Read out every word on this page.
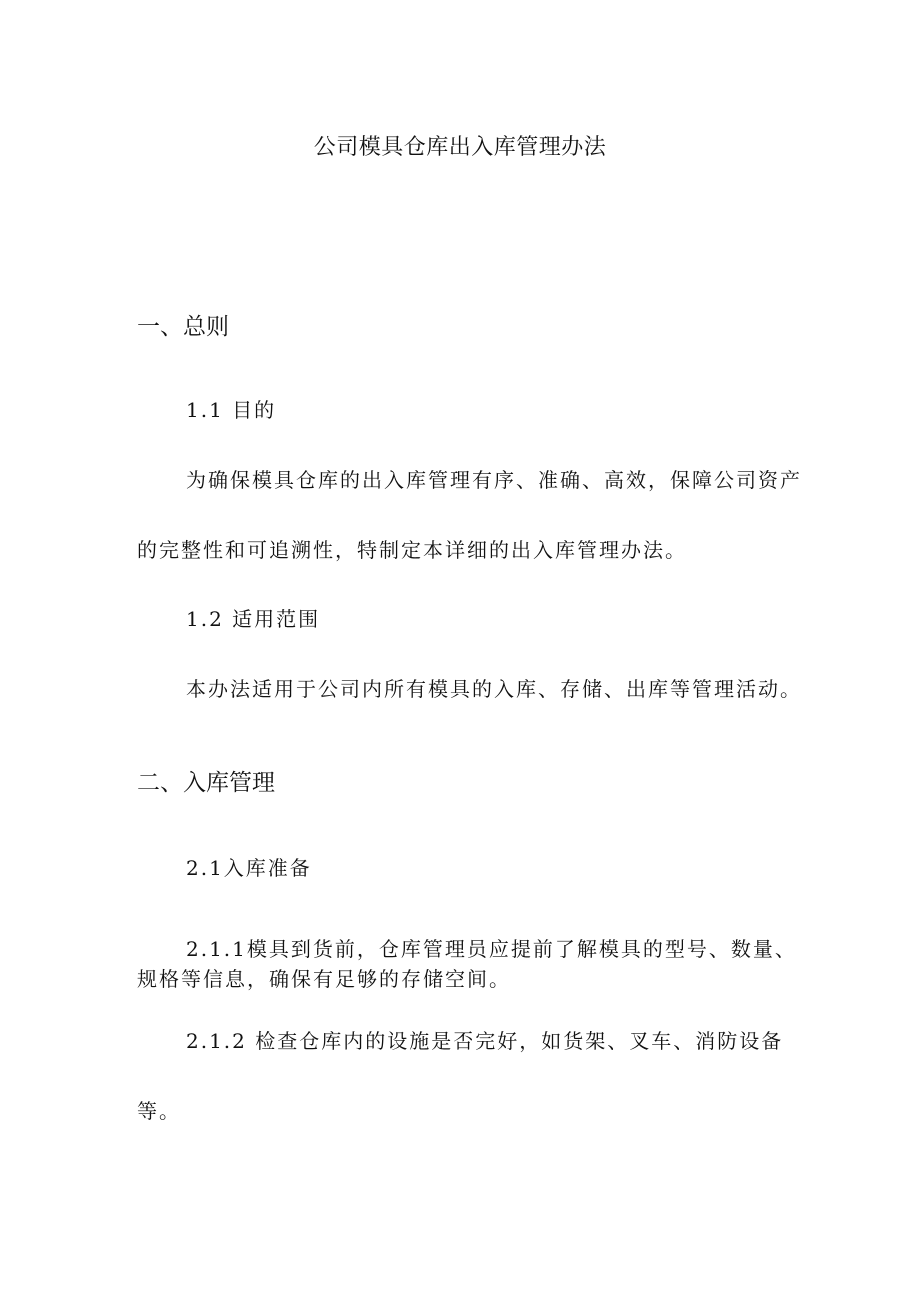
公司模具仓库出入库管理办法
一、总则
1.1 目的
为确保模具仓库的出入库管理有序、准确、高效，保障公司资产
的完整性和可追溯性，特制定本详细的出入库管理办法。
1.2 适用范围
本办法适用于公司内所有模具的入库、存储、出库等管理活动。
二、入库管理
2.1入库准备
2.1.1模具到货前，仓库管理员应提前了解模具的型号、数量、
规格等信息，确保有足够的存储空间。
2.1.2 检查仓库内的设施是否完好，如货架、叉车、消防设备
等。
